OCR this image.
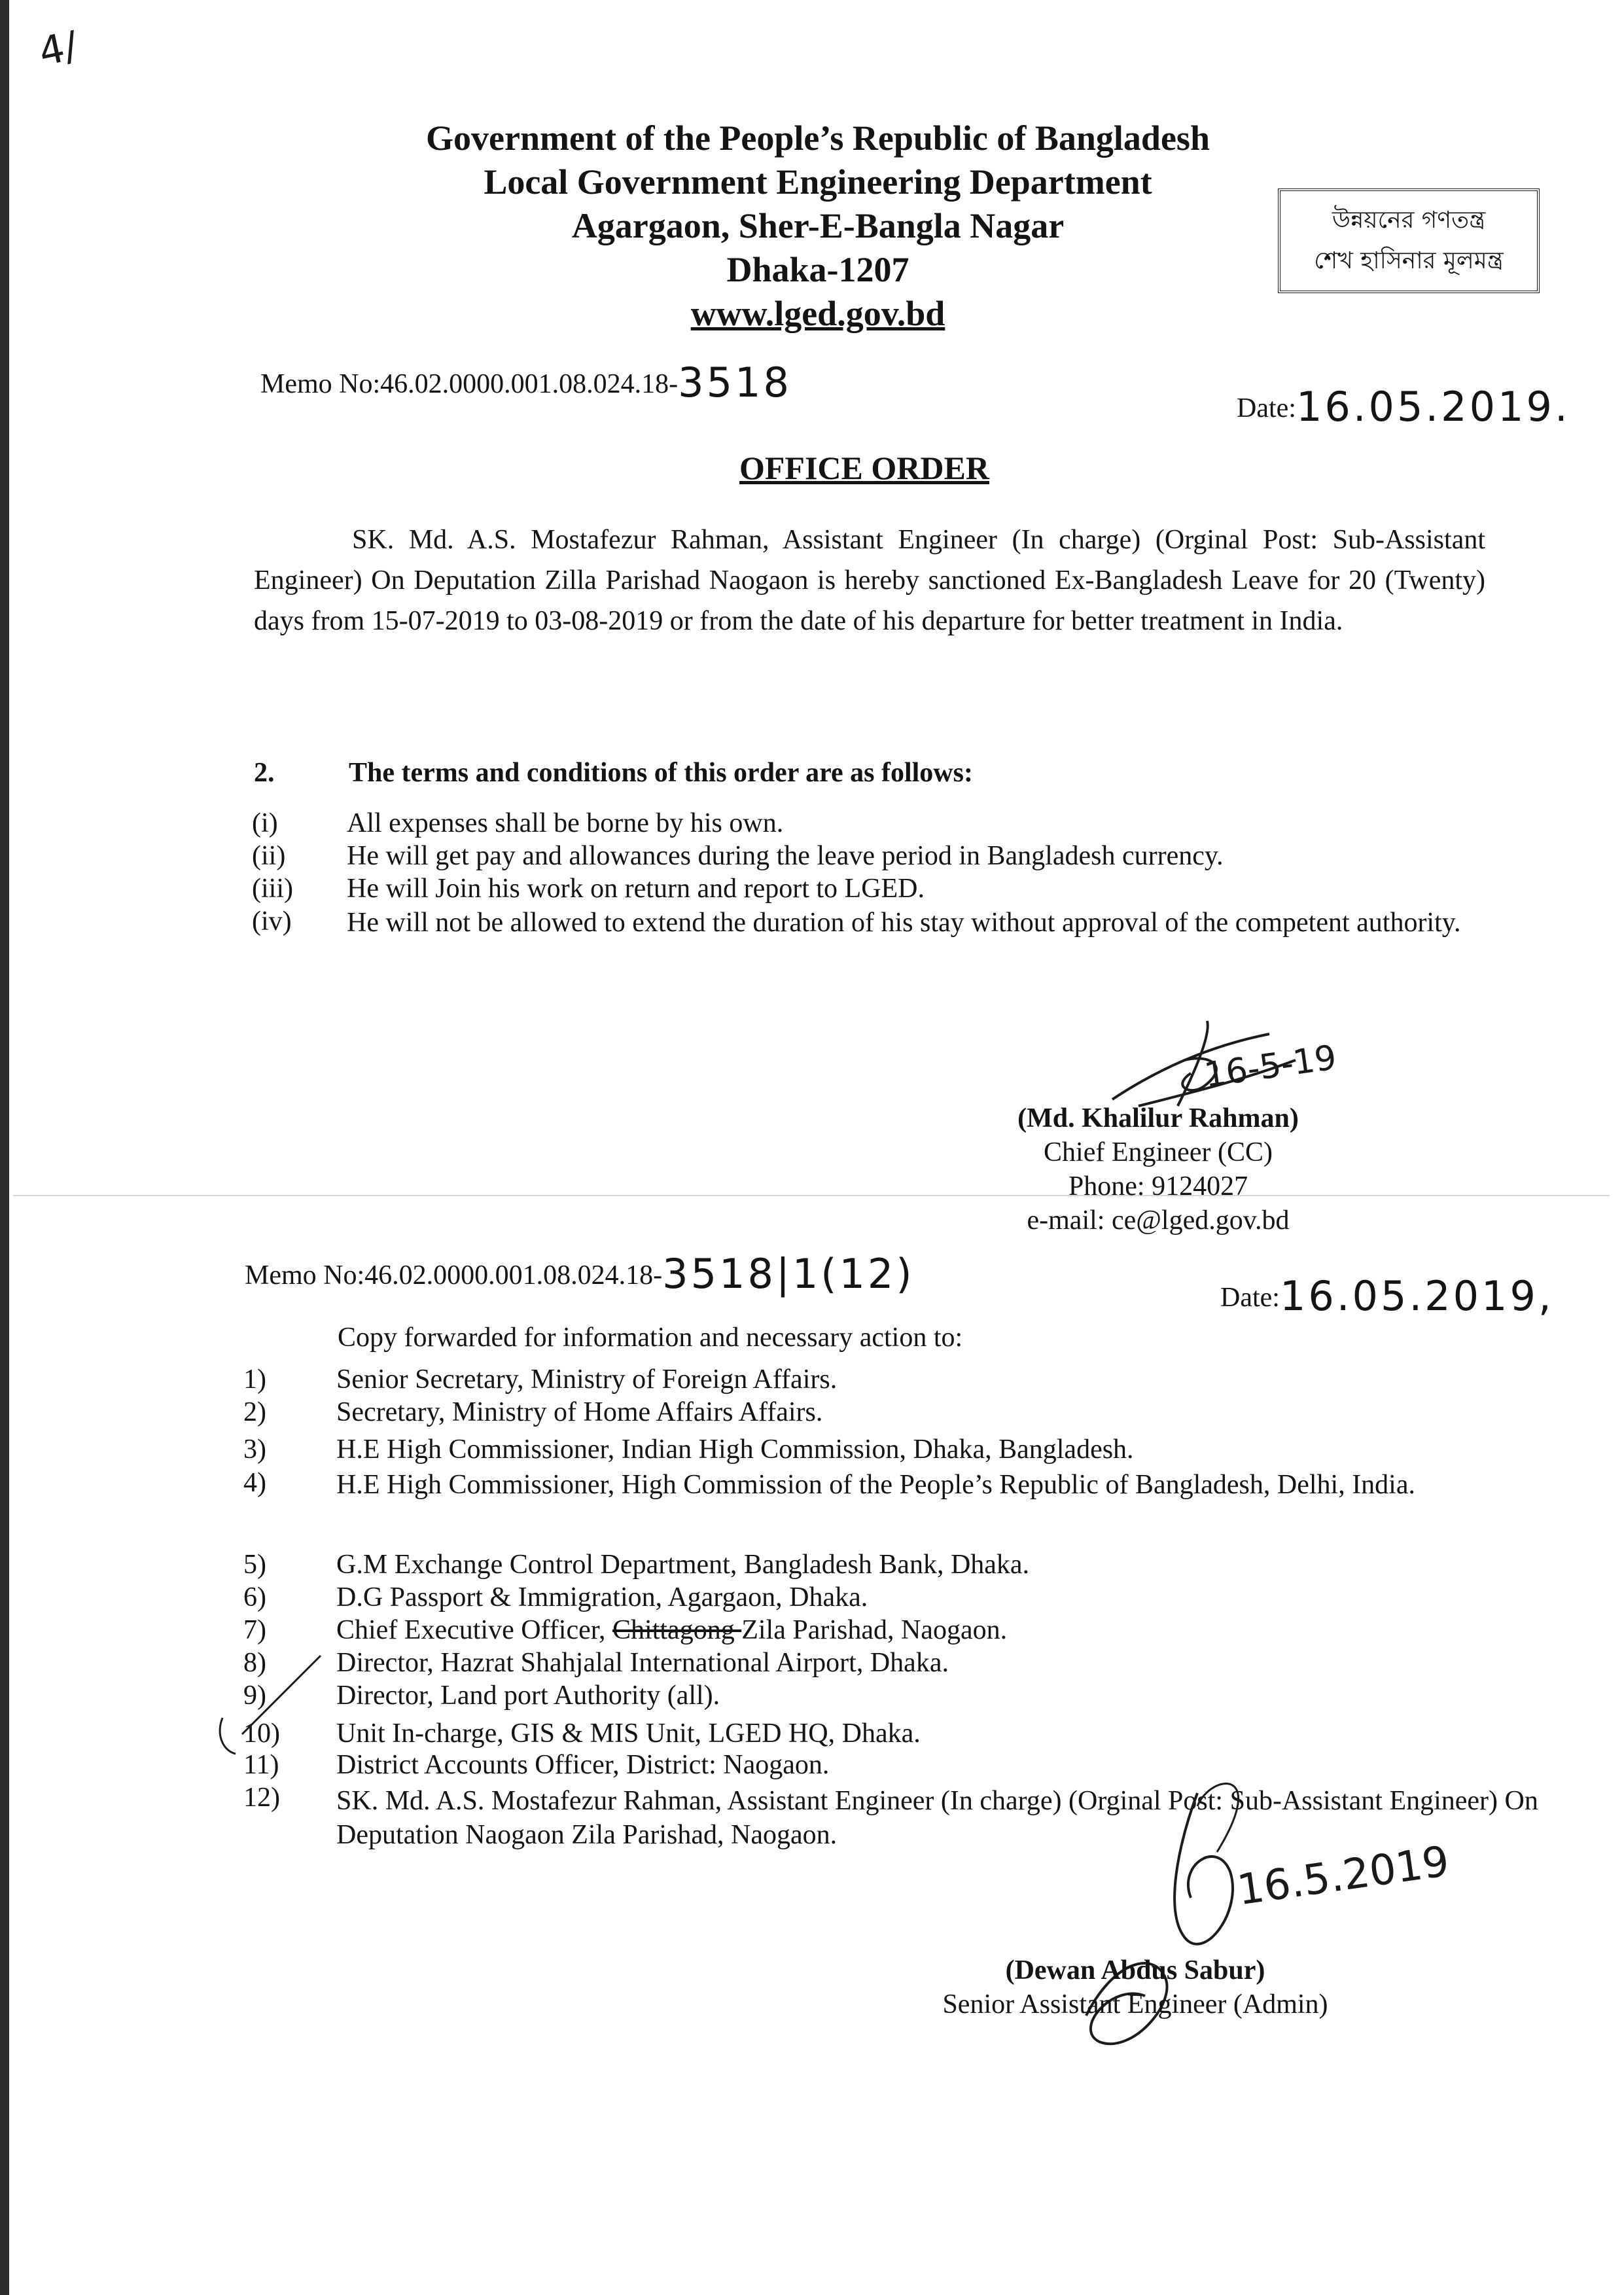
4/
Government of the People’s Republic of Bangladesh
Local Government Engineering Department
Agargaon, Sher-E-Bangla Nagar
Dhaka-1207
www.lged.gov.bd
উন্নয়নের গণতন্ত্র
শেখ হাসিনার মূলমন্ত্র
Memo No:46.02.0000.001.08.024.18-3518
Date:16.05.2019.
OFFICE ORDER
SK. Md. A.S. Mostafezur Rahman, Assistant Engineer (In charge) (Orginal Post: Sub-Assistant Engineer) On Deputation Zilla Parishad Naogaon is hereby sanctioned Ex-Bangladesh Leave for 20 (Twenty) days from 15-07-2019 to 03-08-2019 or from the date of his departure for better treatment in India.
2.	The terms and conditions of this order are as follows:
(i)	All expenses shall be borne by his own.
(ii) He will get pay and allowances during the leave period in Bangladesh currency.
(iii) He will Join his work on return and report to LGED.
(iv) He will not be allowed to extend the duration of his stay without approval of the competent authority.
16-5-19
(Md. Khalilur Rahman)
Chief Engineer (CC)
Phone: 9124027
e-mail: ce@lged.gov.bd
Memo No:46.02.0000.001.08.024.18-3518|1(12)	Date:16.05.2019,
Copy forwarded for information and necessary action to:
1)	Senior Secretary, Ministry of Foreign Affairs.
2)	Secretary, Ministry of Home Affairs Affairs.
3)	H.E High Commissioner, Indian High Commission, Dhaka, Bangladesh.
4)	H.E High Commissioner, High Commission of the People’s Republic of Bangladesh, Delhi, India.
5)	G.M Exchange Control Department, Bangladesh Bank, Dhaka.
6)	D.G Passport & Immigration, Agargaon, Dhaka.
7)	Chief Executive Officer, Chittagong Zila Parishad, Naogaon.
8)	Director, Hazrat Shahjalal International Airport, Dhaka.
9)	Director, Land port Authority (all).
10)	Unit In-charge, GIS & MIS Unit, LGED HQ, Dhaka.
11)	District Accounts Officer, District: Naogaon.
12)	SK. Md. A.S. Mostafezur Rahman, Assistant Engineer (In charge) (Orginal Post: Sub-Assistant Engineer) On Deputation Naogaon Zila Parishad, Naogaon.
16.5.2019
(Dewan Abdus Sabur)
Senior Assistant Engineer (Admin)
